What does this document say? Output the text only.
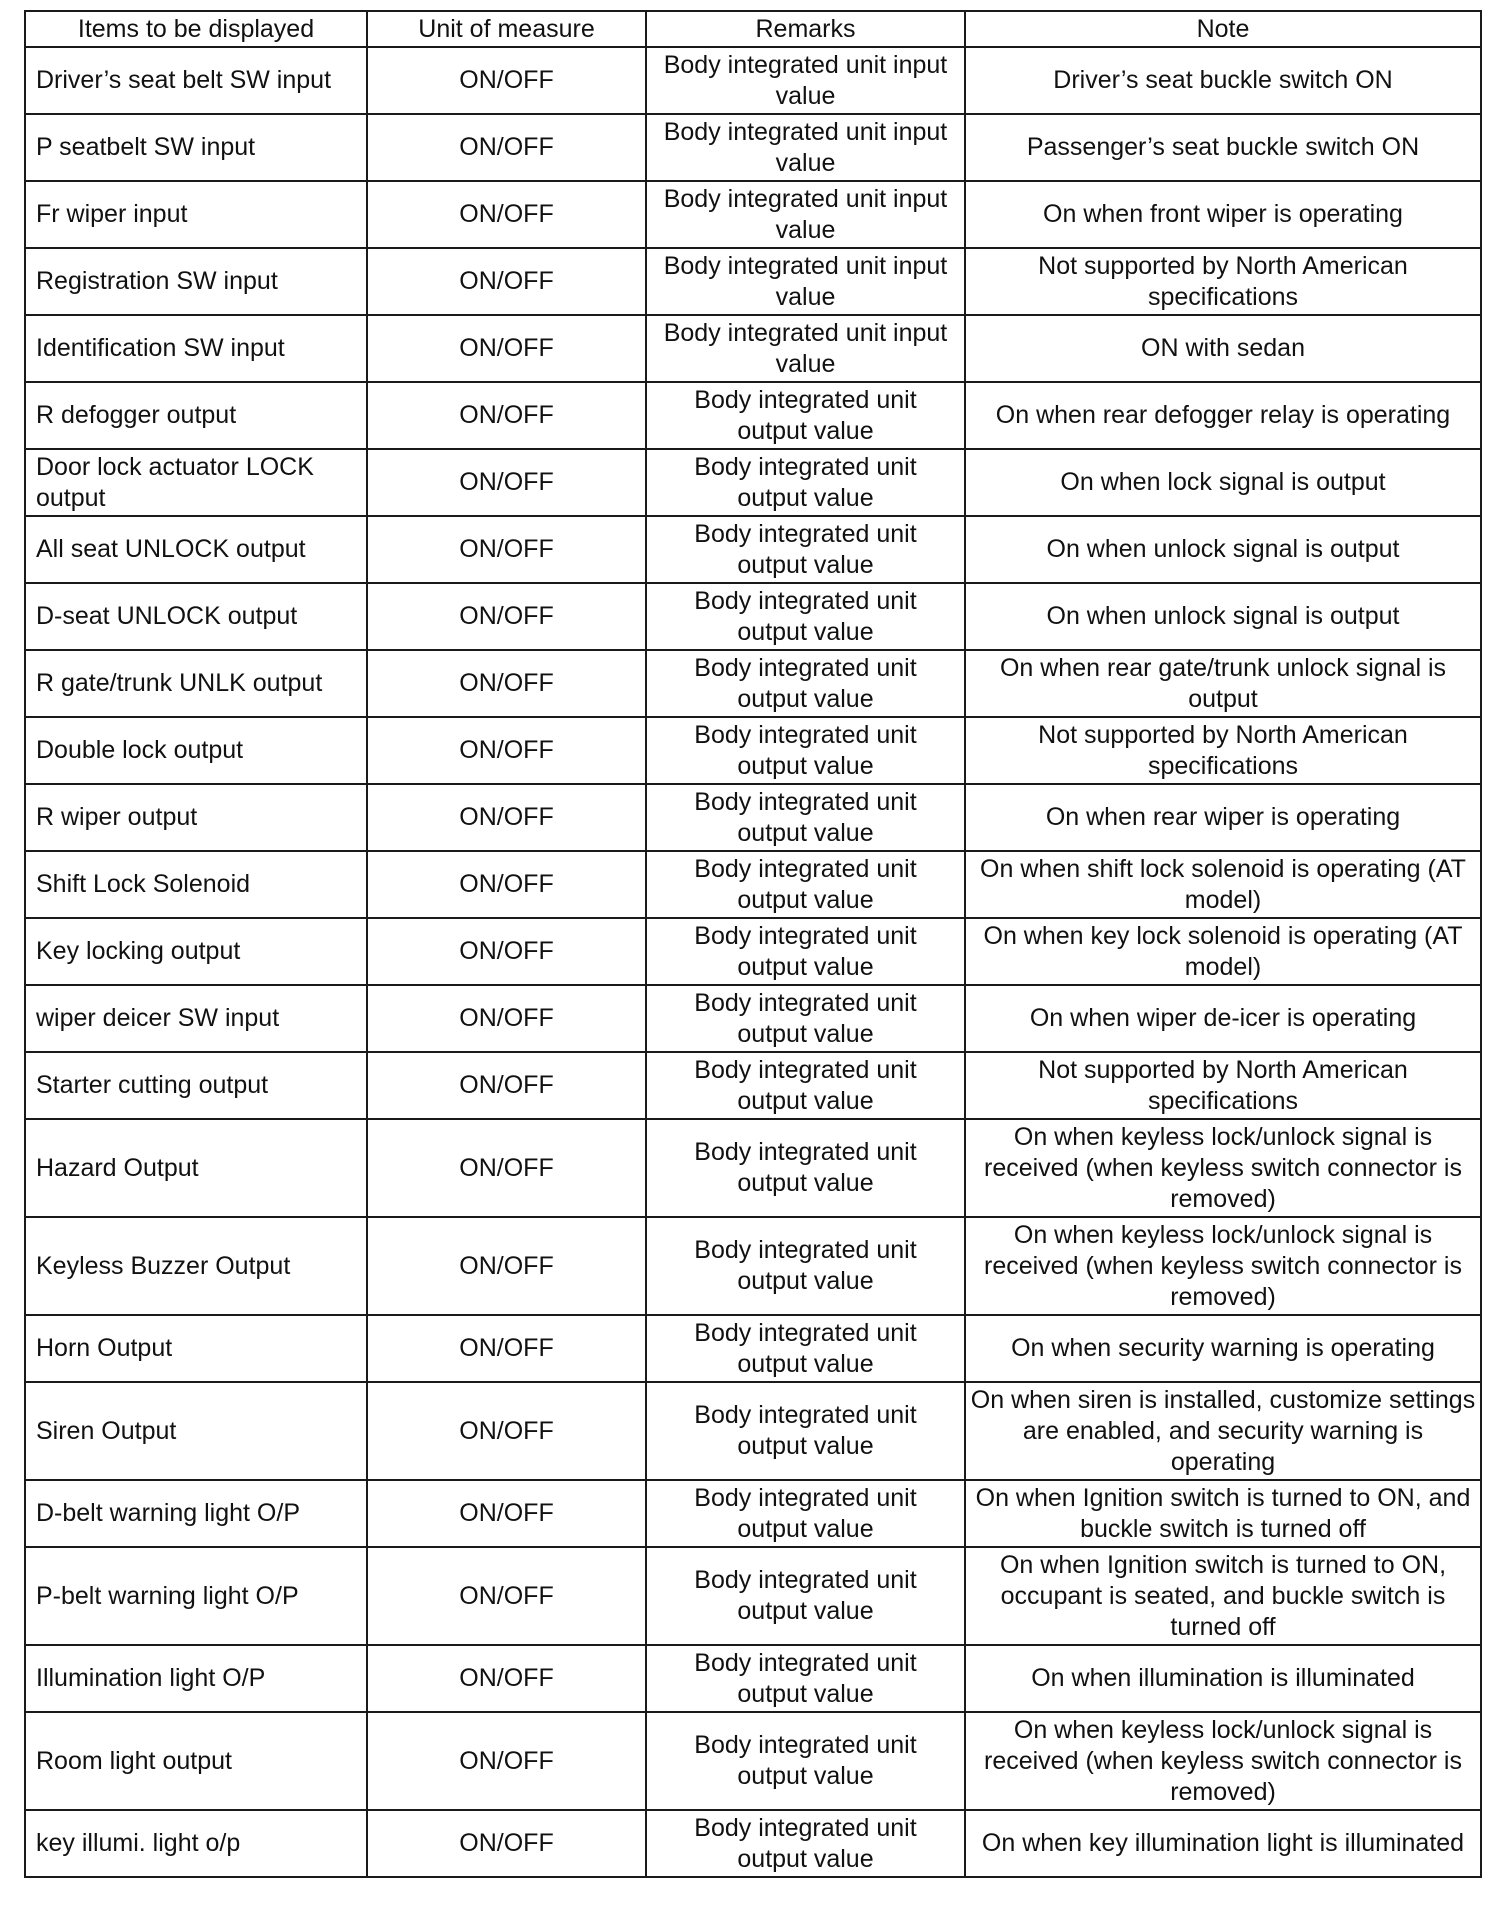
Items to be displayed	Unit of measure	Remarks	Note
Driver’s seat belt SW input	ON/OFF	Body integrated unit input value	Driver’s seat buckle switch ON
P seatbelt SW input	ON/OFF	Body integrated unit input value	Passenger’s seat buckle switch ON
Fr wiper input	ON/OFF	Body integrated unit input value	On when front wiper is operating
Registration SW input	ON/OFF	Body integrated unit input value	Not supported by North American specifications
Identification SW input	ON/OFF	Body integrated unit input value	ON with sedan
R defogger output	ON/OFF	Body integrated unit output value	On when rear defogger relay is operating
Door lock actuator LOCK output	ON/OFF	Body integrated unit output value	On when lock signal is output
All seat UNLOCK output	ON/OFF	Body integrated unit output value	On when unlock signal is output
D-seat UNLOCK output	ON/OFF	Body integrated unit output value	On when unlock signal is output
R gate/trunk UNLK output	ON/OFF	Body integrated unit output value	On when rear gate/trunk unlock signal is output
Double lock output	ON/OFF	Body integrated unit output value	Not supported by North American specifications
R wiper output	ON/OFF	Body integrated unit output value	On when rear wiper is operating
Shift Lock Solenoid	ON/OFF	Body integrated unit output value	On when shift lock solenoid is operating (AT model)
Key locking output	ON/OFF	Body integrated unit output value	On when key lock solenoid is operating (AT model)
wiper deicer SW input	ON/OFF	Body integrated unit output value	On when wiper de-icer is operating
Starter cutting output	ON/OFF	Body integrated unit output value	Not supported by North American specifications
Hazard Output	ON/OFF	Body integrated unit output value	On when keyless lock/unlock signal is received (when keyless switch connector is removed)
Keyless Buzzer Output	ON/OFF	Body integrated unit output value	On when keyless lock/unlock signal is received (when keyless switch connector is removed)
Horn Output	ON/OFF	Body integrated unit output value	On when security warning is operating
Siren Output	ON/OFF	Body integrated unit output value	On when siren is installed, customize settings are enabled, and security warning is operating
D-belt warning light O/P	ON/OFF	Body integrated unit output value	On when Ignition switch is turned to ON, and buckle switch is turned off
P-belt warning light O/P	ON/OFF	Body integrated unit output value	On when Ignition switch is turned to ON, occupant is seated, and buckle switch is turned off
Illumination light O/P	ON/OFF	Body integrated unit output value	On when illumination is illuminated
Room light output	ON/OFF	Body integrated unit output value	On when keyless lock/unlock signal is received (when keyless switch connector is removed)
key illumi. light o/p	ON/OFF	Body integrated unit output value	On when key illumination light is illuminated
